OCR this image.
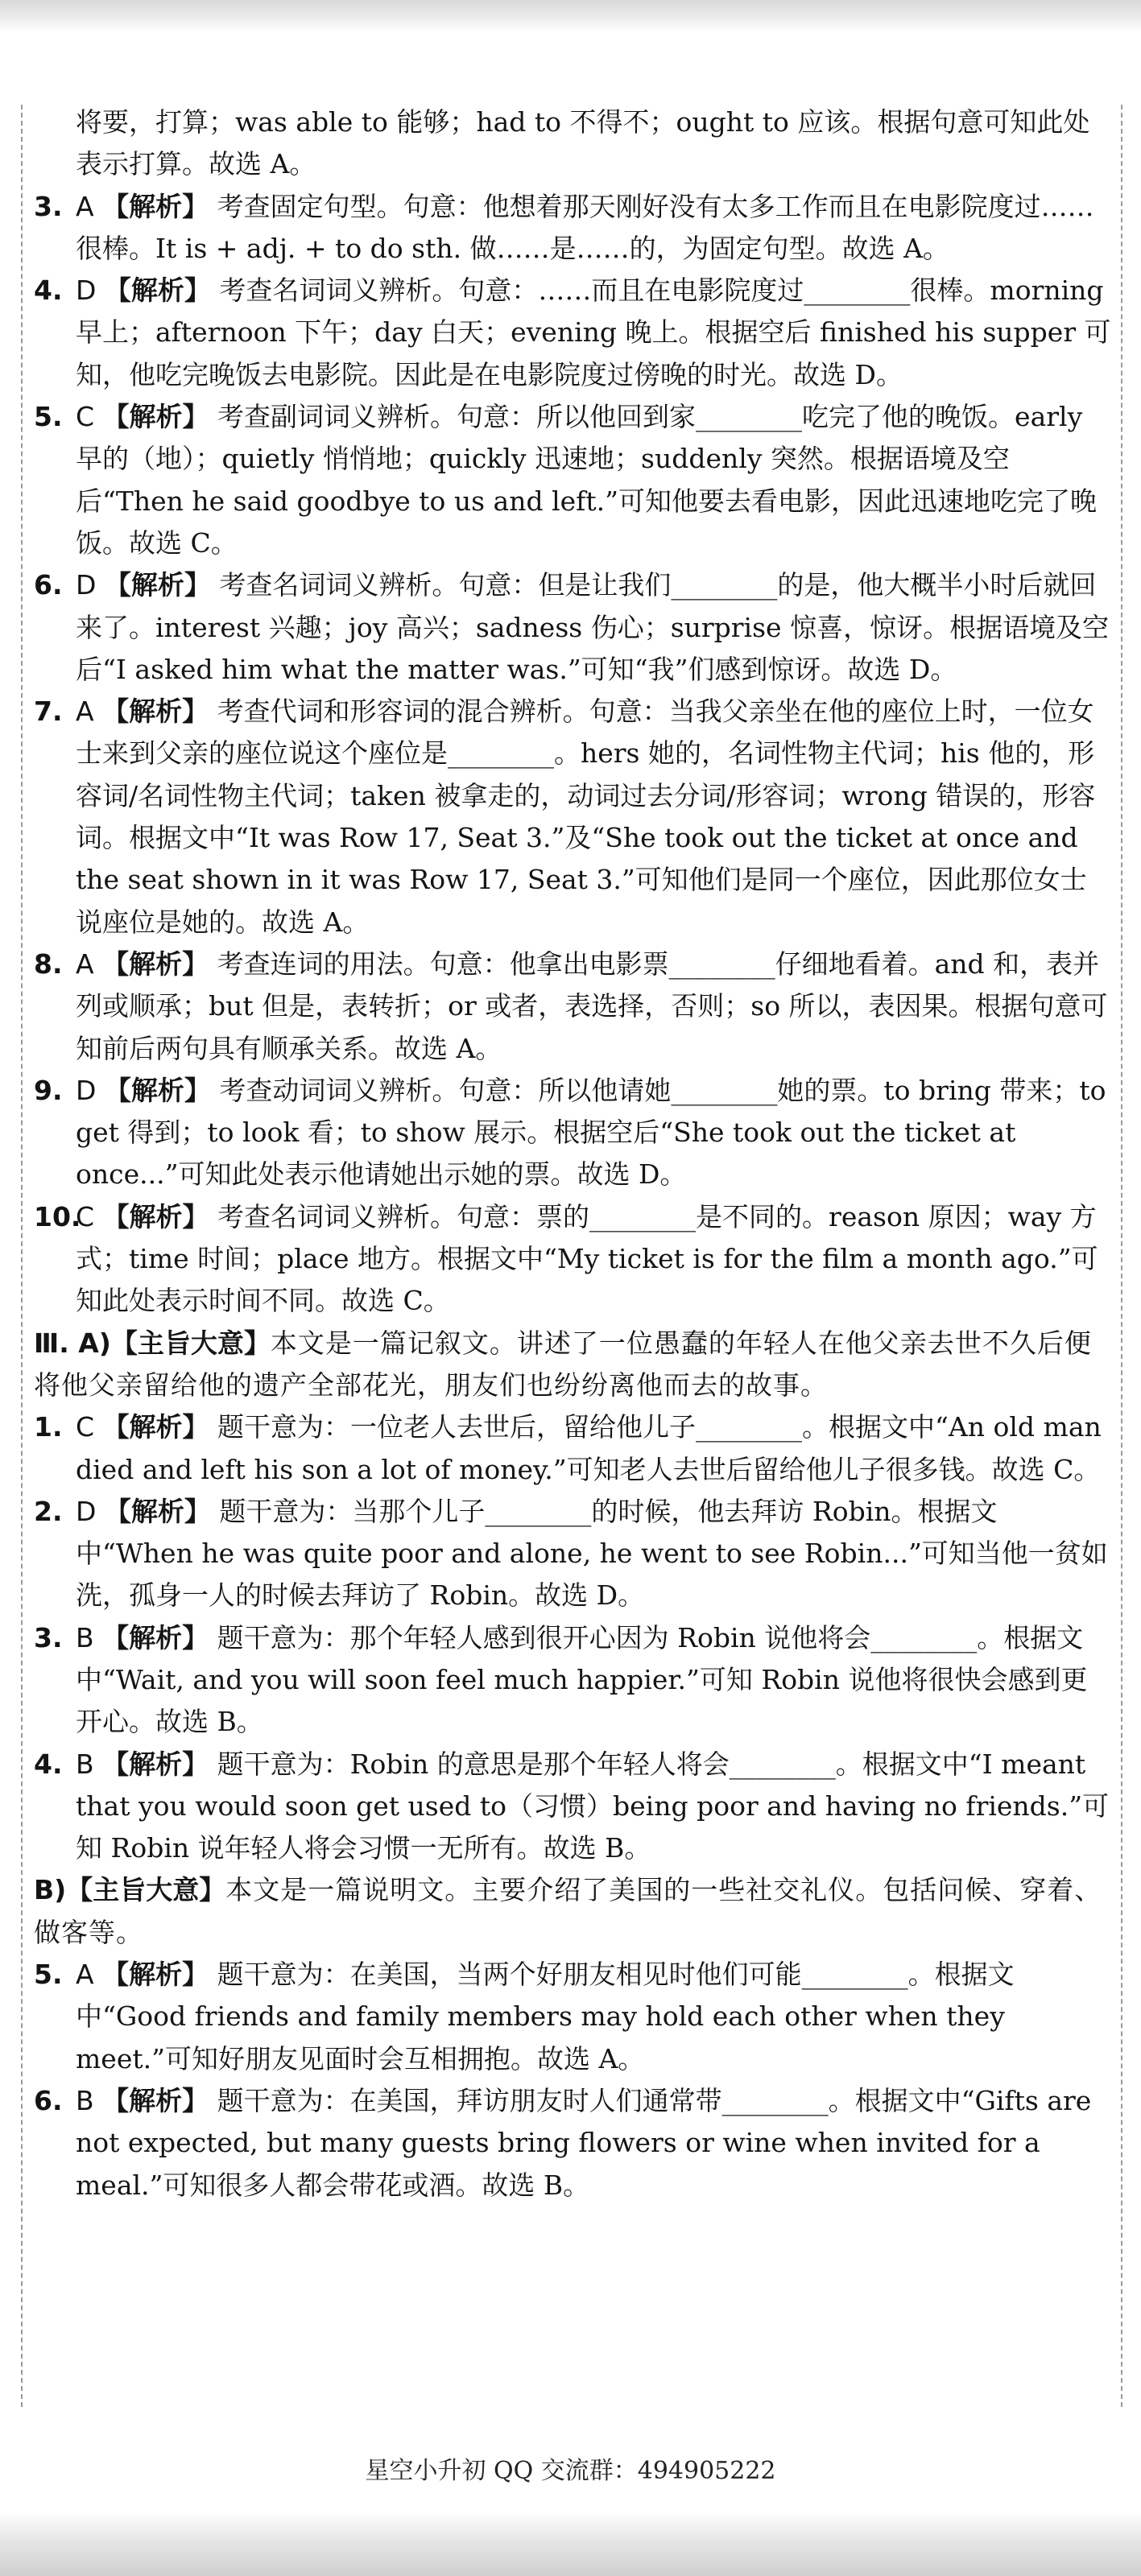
将要，打算；was able to 能够；had to 不得不；ought to 应该。根据句意可知此处表示打算。故选 A。

3. A 【解析】 考查固定句型。句意：他想着那天刚好没有太多工作而且在电影院度过……很棒。It is + adj. + to do sth. 做……是……的，为固定句型。故选 A。

4. D 【解析】 考查名词词义辨析。句意：……而且在电影院度过________很棒。morning 早上；afternoon 下午；day 白天；evening 晚上。根据空后 finished his supper 可知，他吃完晚饭去电影院。因此是在电影院度过傍晚的时光。故选 D。

5. C 【解析】 考查副词词义辨析。句意：所以他回到家________吃完了他的晚饭。early 早的（地）；quietly 悄悄地；quickly 迅速地；suddenly 突然。根据语境及空后“Then he said goodbye to us and left.”可知他要去看电影，因此迅速地吃完了晚饭。故选 C。

6. D 【解析】 考查名词词义辨析。句意：但是让我们________的是，他大概半小时后就回来了。interest 兴趣；joy 高兴；sadness 伤心；surprise 惊喜，惊讶。根据语境及空后“I asked him what the matter was.”可知“我”们感到惊讶。故选 D。

7. A 【解析】 考查代词和形容词的混合辨析。句意：当我父亲坐在他的座位上时，一位女士来到父亲的座位说这个座位是________。hers 她的，名词性物主代词；his 他的，形容词/名词性物主代词；taken 被拿走的，动词过去分词/形容词；wrong 错误的，形容词。根据文中“It was Row 17, Seat 3.”及“She took out the ticket at once and the seat shown in it was Row 17, Seat 3.”可知他们是同一个座位，因此那位女士说座位是她的。故选 A。

8. A 【解析】 考查连词的用法。句意：他拿出电影票________仔细地看着。and 和，表并列或顺承；but 但是，表转折；or 或者，表选择，否则；so 所以，表因果。根据句意可知前后两句具有顺承关系。故选 A。

9. D 【解析】 考查动词词义辨析。句意：所以他请她________她的票。to bring 带来；to get 得到；to look 看；to show 展示。根据空后“She took out the ticket at once...”可知此处表示他请她出示她的票。故选 D。

10.C 【解析】 考查名词词义辨析。句意：票的________是不同的。reason 原因；way 方式；time 时间；place 地方。根据文中“My ticket is for the film a month ago.”可知此处表示时间不同。故选 C。

Ⅲ. A)【主旨大意】本文是一篇记叙文。讲述了一位愚蠢的年轻人在他父亲去世不久后便将他父亲留给他的遗产全部花光，朋友们也纷纷离他而去的故事。

1. C 【解析】 题干意为：一位老人去世后，留给他儿子________。根据文中“An old man died and left his son a lot of money.”可知老人去世后留给他儿子很多钱。故选 C。

2. D 【解析】 题干意为：当那个儿子________的时候，他去拜访 Robin。根据文中“When he was quite poor and alone, he went to see Robin...”可知当他一贫如洗，孤身一人的时候去拜访了 Robin。故选 D。

3. B 【解析】 题干意为：那个年轻人感到很开心因为 Robin 说他将会________。根据文中“Wait, and you will soon feel much happier.”可知 Robin 说他将很快会感到更开心。故选 B。

4. B 【解析】 题干意为：Robin 的意思是那个年轻人将会________。根据文中“I meant that you would soon get used to（习惯）being poor and having no friends.”可知 Robin 说年轻人将会习惯一无所有。故选 B。

B)【主旨大意】本文是一篇说明文。主要介绍了美国的一些社交礼仪。包括问候、穿着、做客等。

5. A 【解析】 题干意为：在美国，当两个好朋友相见时他们可能________。根据文中“Good friends and family members may hold each other when they meet.”可知好朋友见面时会互相拥抱。故选 A。

6. B 【解析】 题干意为：在美国，拜访朋友时人们通常带________。根据文中“Gifts are not expected, but many guests bring flowers or wine when invited for a meal.”可知很多人都会带花或酒。故选 B。

星空小升初 QQ 交流群：494905222
